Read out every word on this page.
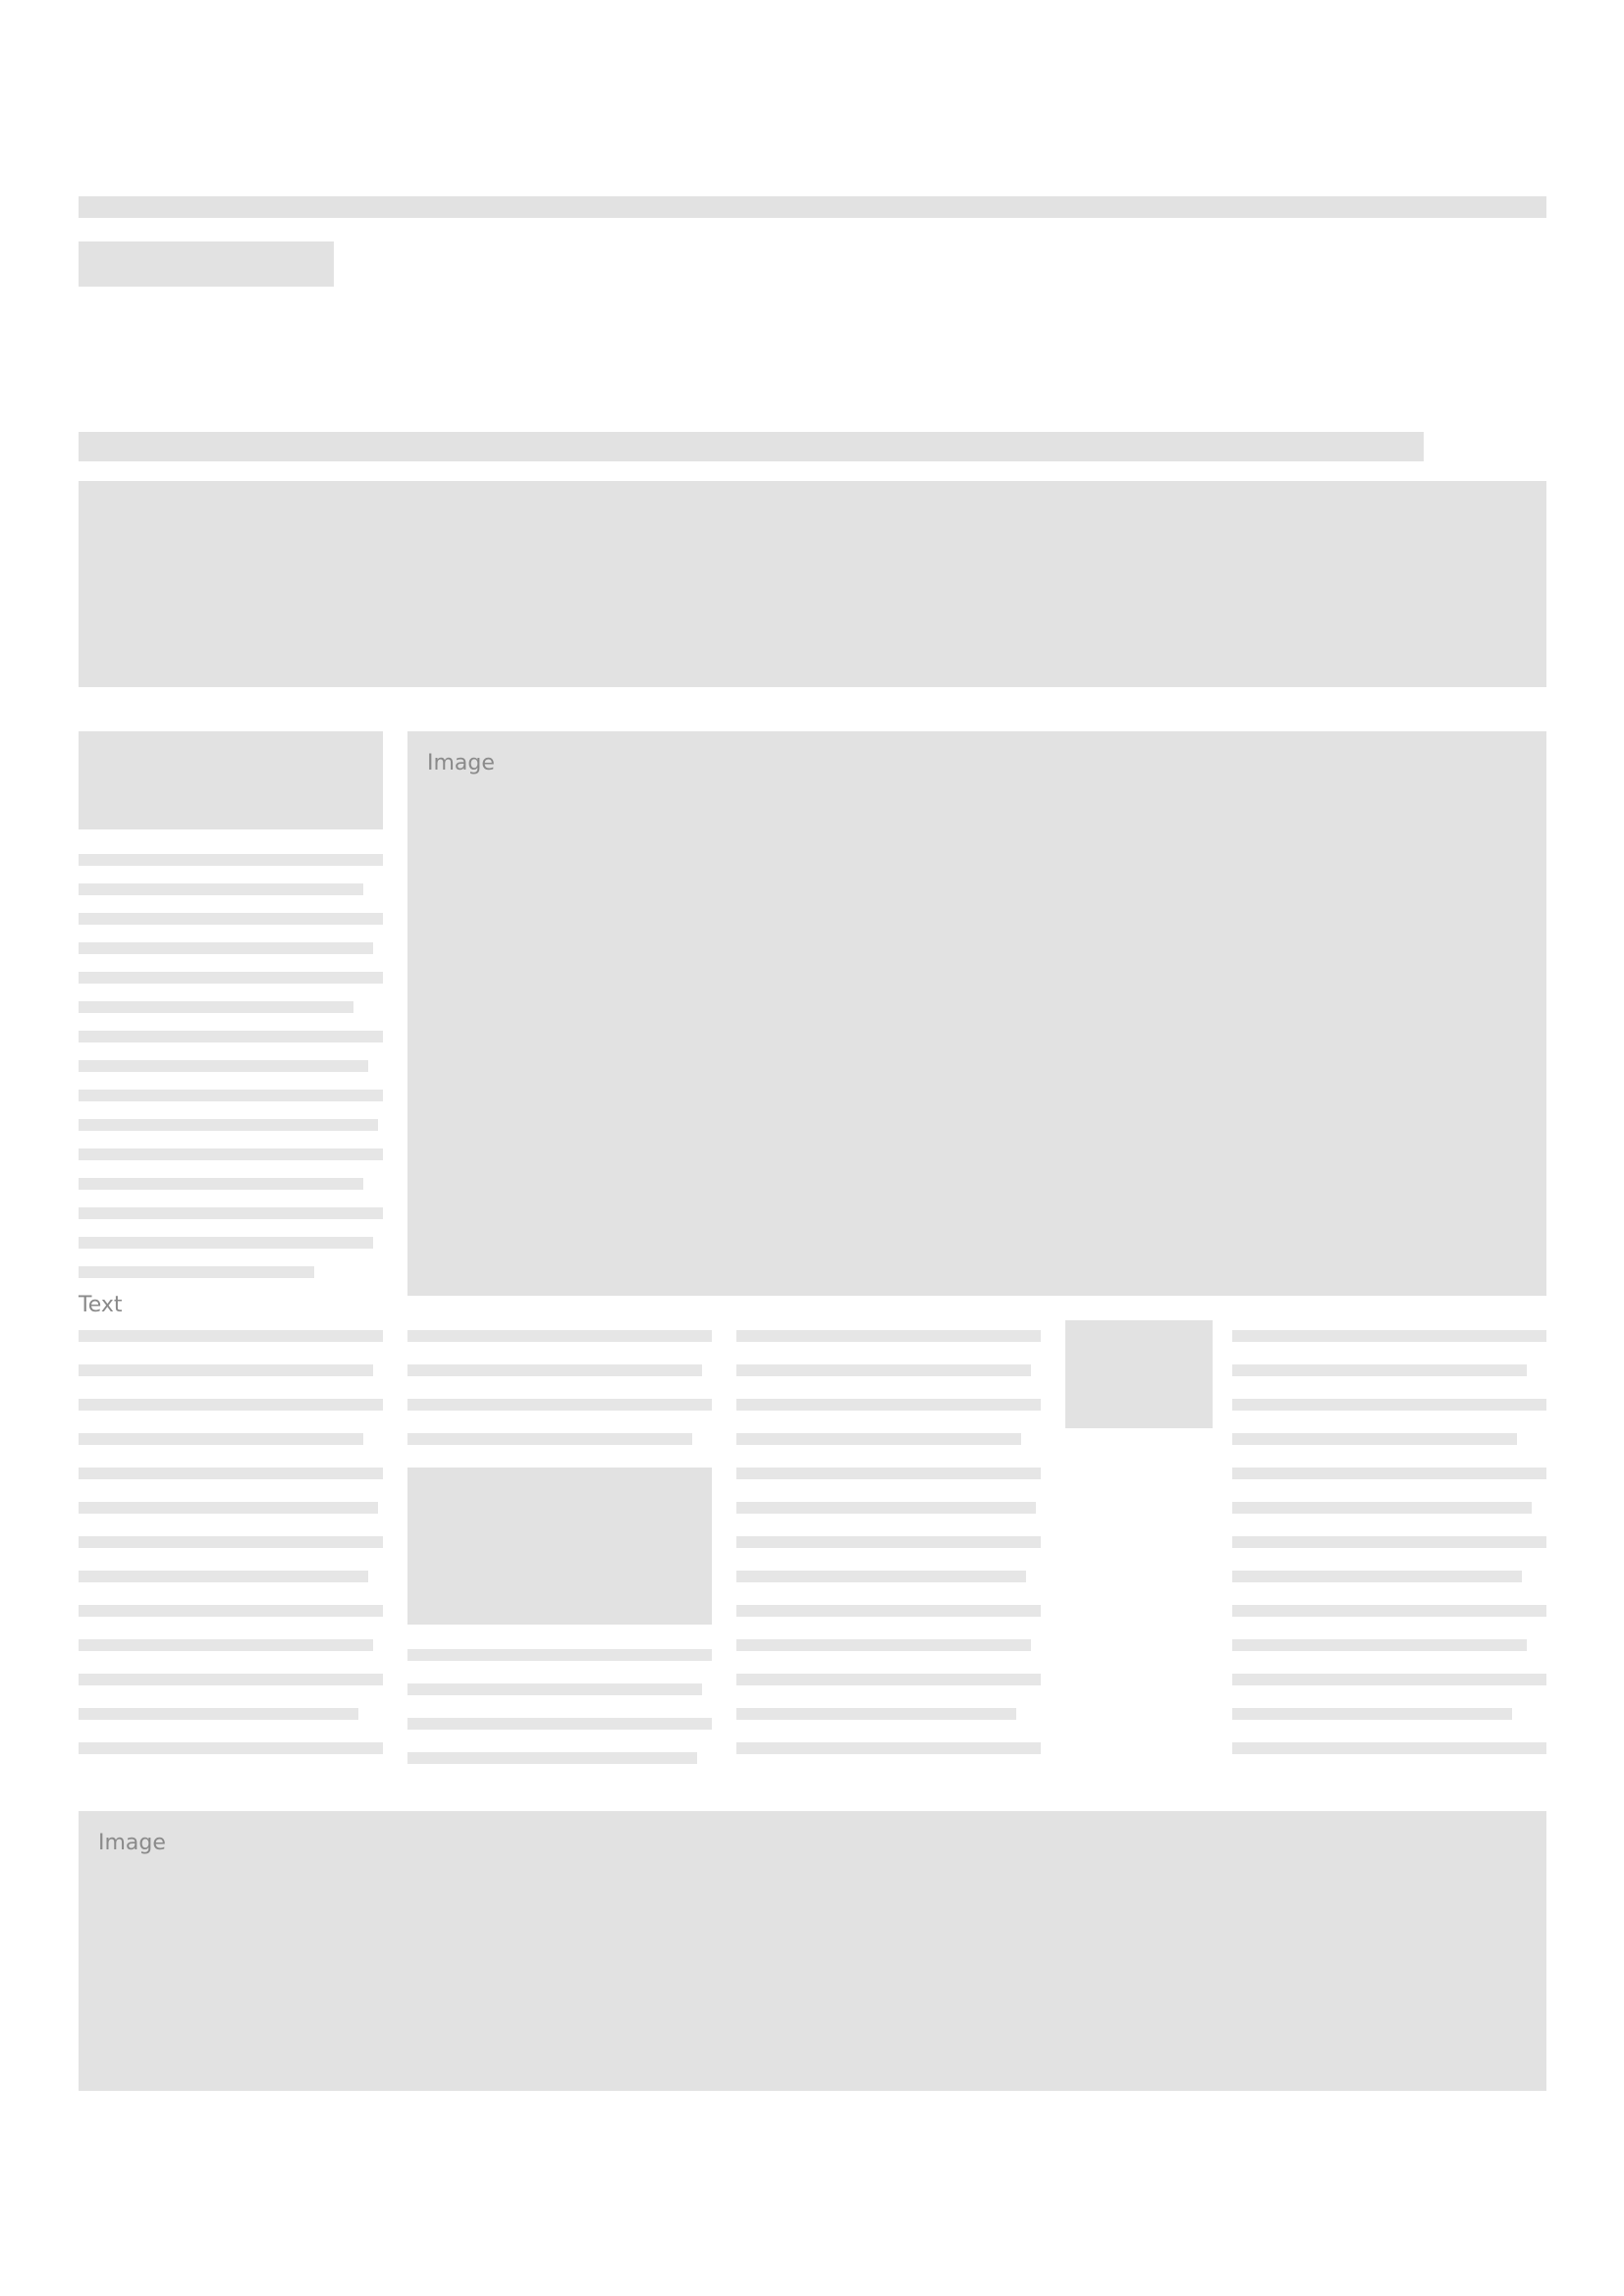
Image
Text
Image
